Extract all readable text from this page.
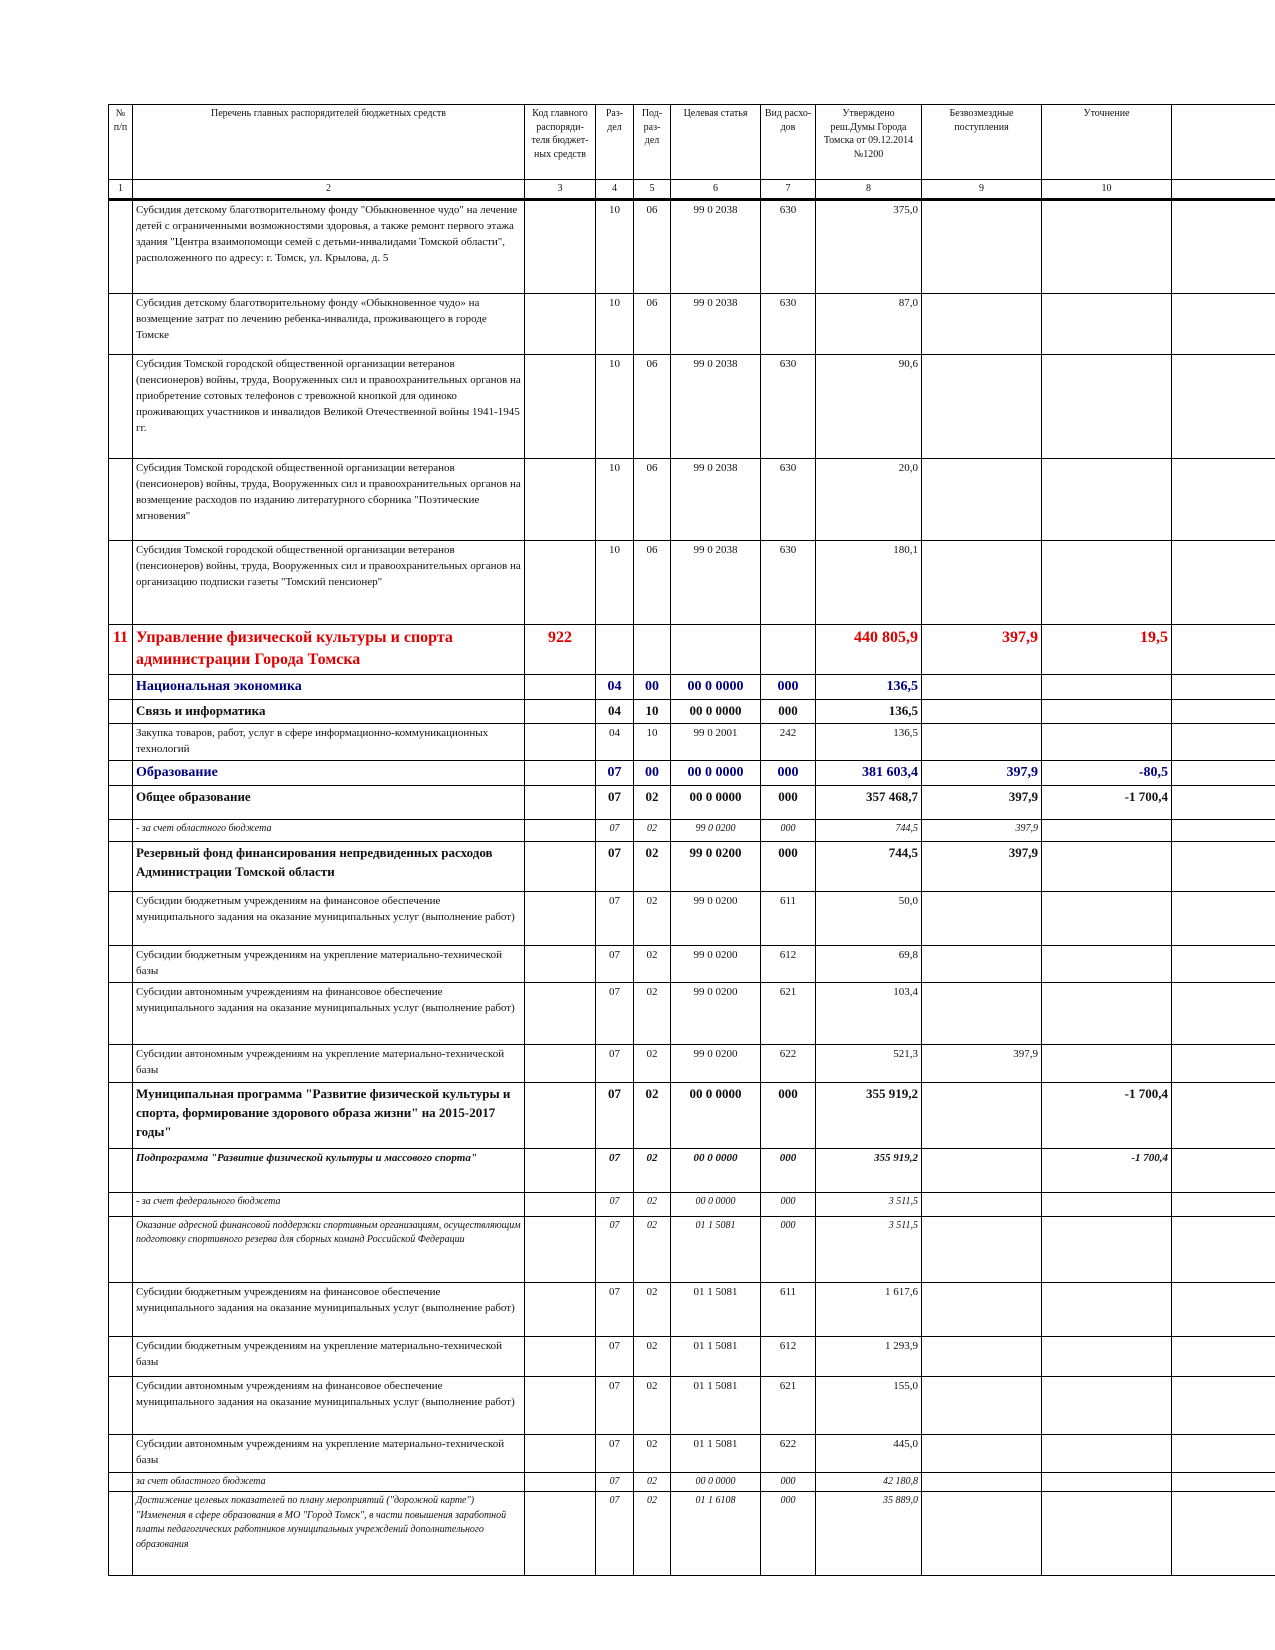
№ п/п	Перечень главных распорядителей бюджетных средств	Код главного распоряди- теля бюджет- ных средств	Раз- дел	Под- раз- дел	Целевая статья	Вид расхо- дов	Утверждено реш.Думы Города Томска от 09.12.2014 №1200	Безвозмездные поступления	Уточнение	
1	2	3	4	5	6	7	8	9	10	
	Субсидия детскому благотворительному фонду "Обыкновенное чудо" на лечение детей с ограниченными возможностями здоровья, а также ремонт первого этажа здания "Центра взаимопомощи семей с детьми-инвалидами Томской области", расположенного по адресу: г. Томск, ул. Крылова, д. 5		10	06	99 0 2038	630	375,0			
	Субсидия детскому благотворительному фонду «Обыкновенное чудо» на возмещение затрат по лечению ребенка-инвалида, проживающего в городе Томске		10	06	99 0 2038	630	87,0			
	Субсидия Томской городской общественной организации ветеранов (пенсионеров) войны, труда, Вооруженных сил и правоохранительных органов на приобретение сотовых телефонов с тревожной кнопкой для одиноко проживающих участников и инвалидов Великой Отечественной войны 1941-1945 гг.		10	06	99 0 2038	630	90,6			
	Субсидия Томской городской общественной организации ветеранов (пенсионеров) войны, труда, Вооруженных сил и правоохранительных органов на возмещение расходов по изданию литературного сборника "Поэтические мгновения"		10	06	99 0 2038	630	20,0			
	Субсидия Томской городской общественной организации ветеранов (пенсионеров) войны, труда, Вооруженных сил и правоохранительных органов на организацию подписки газеты "Томский пенсионер"		10	06	99 0 2038	630	180,1			
11	Управление физической культуры и спорта администрации Города Томска	922					440 805,9	397,9	19,5	
	Национальная экономика		04	00	00 0 0000	000	136,5			
	Связь и информатика		04	10	00 0 0000	000	136,5			
	Закупка товаров, работ, услуг в сфере информационно-коммуникационных технологий		04	10	99 0 2001	242	136,5			
	Образование		07	00	00 0 0000	000	381 603,4	397,9	-80,5	
	Общее образование		07	02	00 0 0000	000	357 468,7	397,9	-1 700,4	
	- за счет областного бюджета		07	02	99 0 0200	000	744,5	397,9		
	Резервный фонд финансирования непредвиденных расходов Администрации Томской области		07	02	99 0 0200	000	744,5	397,9		
	Субсидии бюджетным учреждениям на финансовое обеспечение муниципального задания на оказание муниципальных услуг (выполнение работ)		07	02	99 0 0200	611	50,0			
	Субсидии бюджетным учреждениям на укрепление материально-технической базы		07	02	99 0 0200	612	69,8			
	Субсидии автономным учреждениям на финансовое обеспечение муниципального задания на оказание муниципальных услуг (выполнение работ)		07	02	99 0 0200	621	103,4			
	Субсидии автономным учреждениям на укрепление материально-технической базы		07	02	99 0 0200	622	521,3	397,9		
	Муниципальная программа "Развитие физической культуры и спорта, формирование здорового образа жизни" на 2015-2017 годы"		07	02	00 0 0000	000	355 919,2		-1 700,4	
	Подпрограмма "Развитие физической культуры и массового спорта"		07	02	00 0 0000	000	355 919,2		-1 700,4	
	- за счет федерального бюджета		07	02	00 0 0000	000	3 511,5			
	Оказание адресной финансовой поддержки спортивным организациям, осуществляющим подготовку спортивного резерва для сборных команд Российской Федерации		07	02	01 1 5081	000	3 511,5			
	Субсидии бюджетным учреждениям на финансовое обеспечение муниципального задания на оказание муниципальных услуг (выполнение работ)		07	02	01 1 5081	611	1 617,6			
	Субсидии бюджетным учреждениям на укрепление материально-технической базы		07	02	01 1 5081	612	1 293,9			
	Субсидии автономным учреждениям на финансовое обеспечение муниципального задания на оказание муниципальных услуг (выполнение работ)		07	02	01 1 5081	621	155,0			
	Субсидии автономным учреждениям на укрепление материально-технической базы		07	02	01 1 5081	622	445,0			
	за счет областного бюджета		07	02	00 0 0000	000	42 180,8			
	Достижение целевых показателей по плану мероприятий ("дорожной карте") "Изменения в сфере образования в МО "Город Томск", в части повышения заработной платы педагогических работников муниципальных учреждений дополнительного образования		07	02	01 1 6108	000	35 889,0			
